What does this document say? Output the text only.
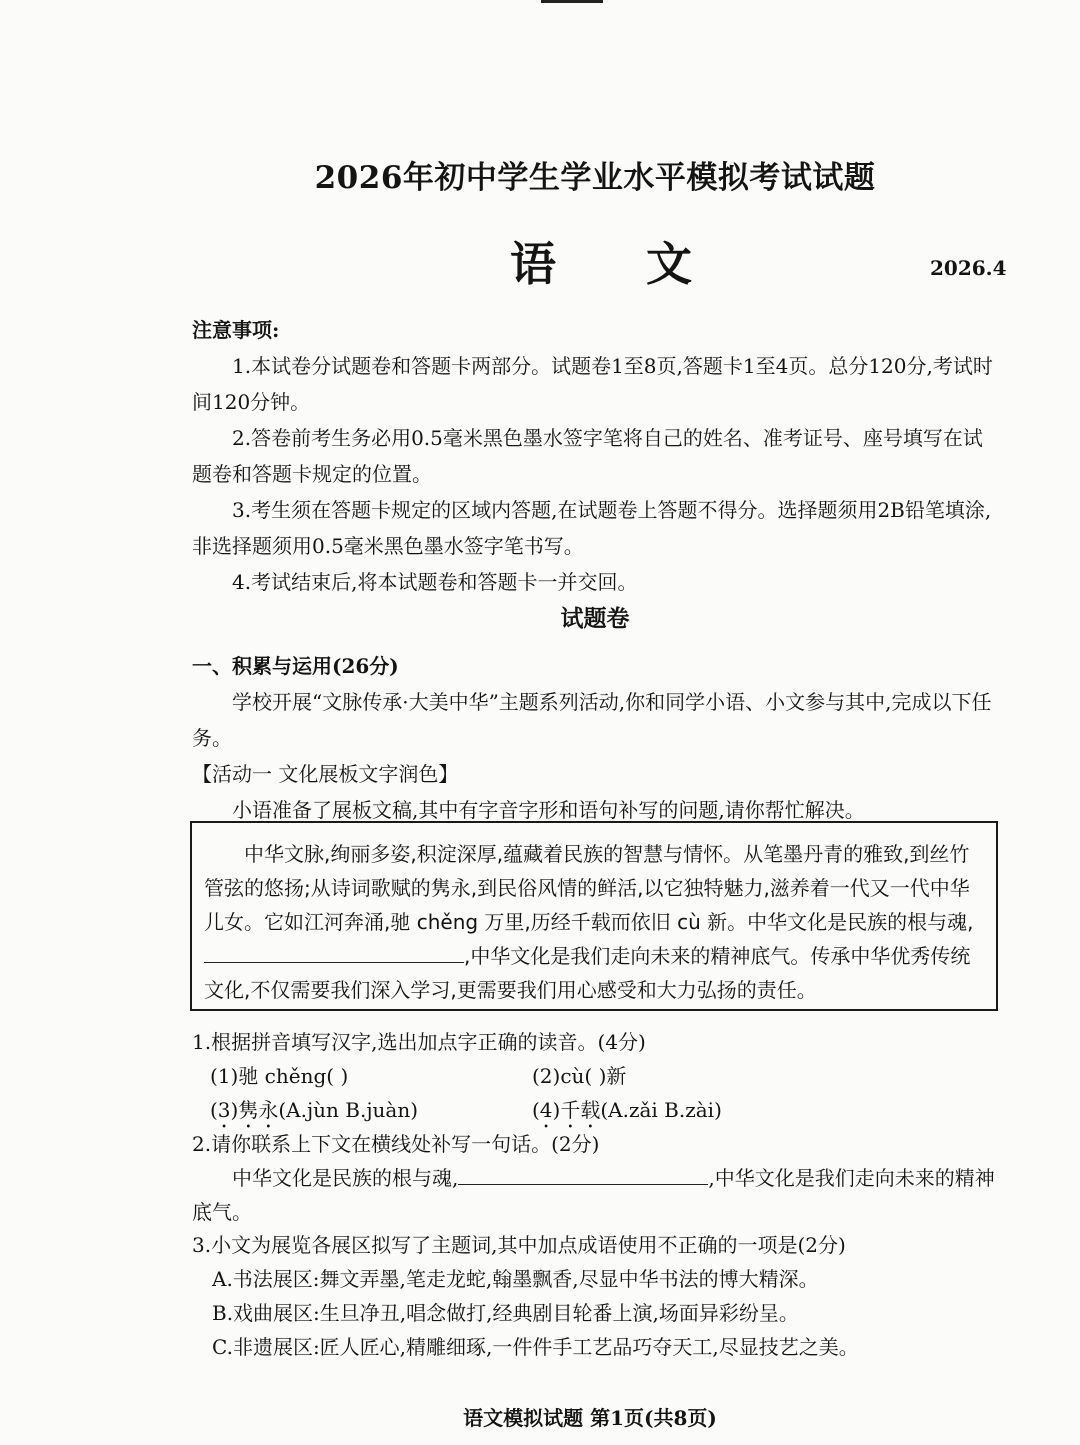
2026年初中学生学业水平模拟考试试题
语文	2026.4
注意事项:

1.本试卷分试题卷和答题卡两部分。试题卷1至8页,答题卡1至4页。总分120分,考试时间120分钟。

2.答卷前考生务必用0.5毫米黑色墨水签字笔将自己的姓名、准考证号、座号填写在试题卷和答题卡规定的位置。

3.考生须在答题卡规定的区域内答题,在试题卷上答题不得分。选择题须用2B铅笔填涂,非选择题须用0.5毫米黑色墨水签字笔书写。

4.考试结束后,将本试题卷和答题卡一并交回。

试题卷
一、积累与运用(26分)

学校开展“文脉传承·大美中华”主题系列活动,你和同学小语、小文参与其中,完成以下任务。

【活动一 文化展板文字润色】

小语准备了展板文稿,其中有字音字形和语句补写的问题,请你帮忙解决。

中华文脉,绚丽多姿,积淀深厚,蕴藏着民族的智慧与情怀。从笔墨丹青的雅致,到丝竹管弦的悠扬;从诗词歌赋的隽永,到民俗风情的鲜活,以它独特魅力,滋养着一代又一代中华儿女。它如江河奔涌,驰 chěng 万里,历经千载而依旧 cù 新。中华文化是民族的根与魂,,中华文化是我们走向未来的精神底气。传承中华优秀传统文化,不仅需要我们深入学习,更需要我们用心感受和大力弘扬的责任。

1.根据拼音填写汉字,选出加点字正确的读音。(4分)
(1)驰 chěng( )	(2)cù( )新
(3)隽永(A.jùn B.juàn)	(4)千载(A.zǎi B.zài)
2.请你联系上下文在横线处补写一句话。(2分)

中华文化是民族的根与魂,	,中华文化是我们走向未来的精神底气。

3.小文为展览各展区拟写了主题词,其中加点成语使用不正确的一项是(2分)
A.书法展区:舞文弄墨,笔走龙蛇,翰墨飘香,尽显中华书法的博大精深。
B.戏曲展区:生旦净丑,唱念做打,经典剧目轮番上演,场面异彩纷呈。
C.非遗展区:匠人匠心,精雕细琢,一件件手工艺品巧夺天工,尽显技艺之美。
语文模拟试题 第1页(共8页)
